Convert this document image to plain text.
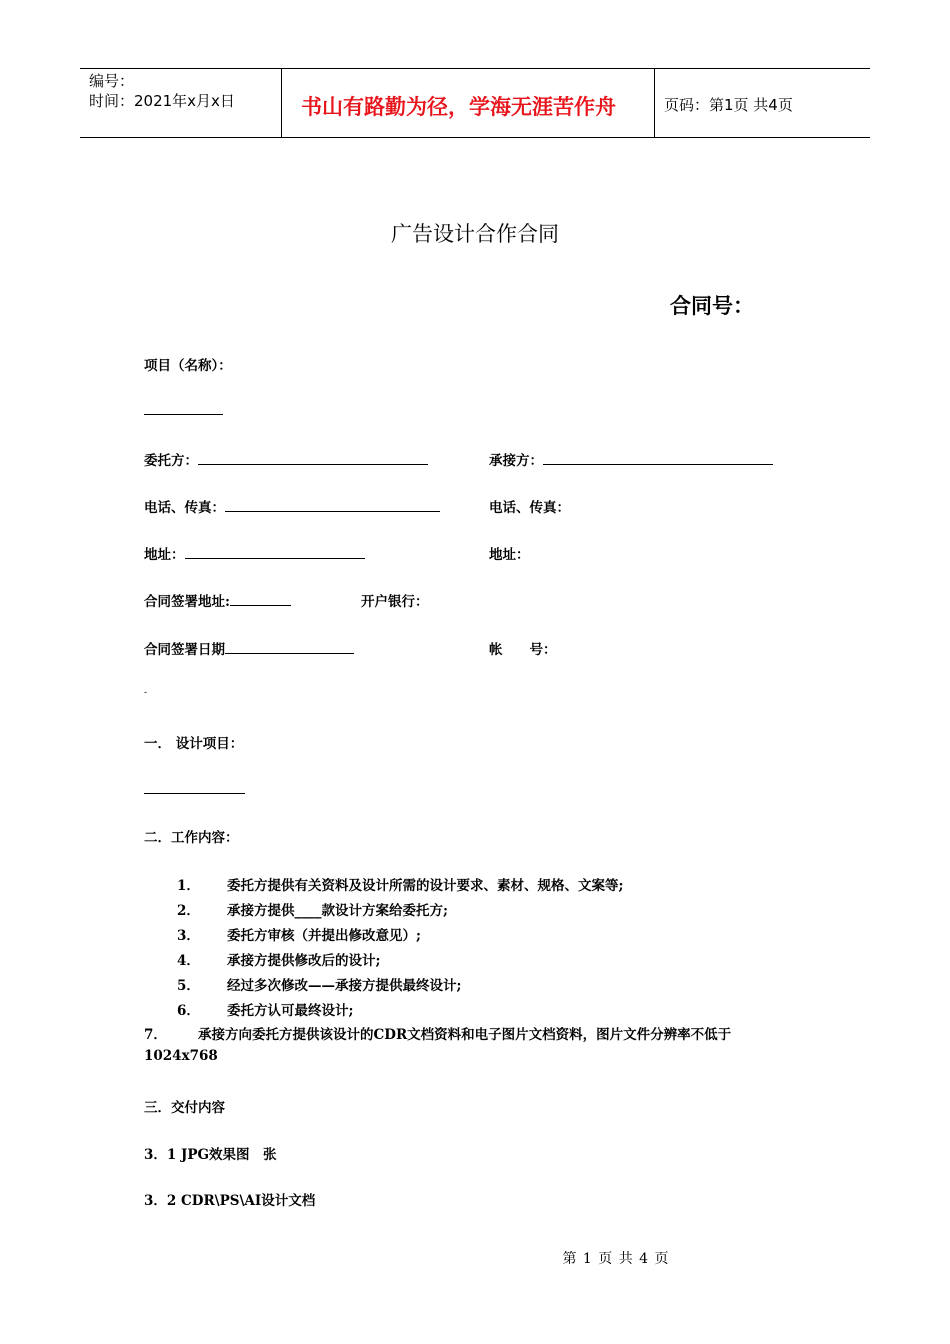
编号：
时间：2021年x月x日	书山有路勤为径，学海无涯苦作舟	页码：第1页 共4页
广告设计合作合同
合同号：
项目（名称）：
委托方：	承接方：
电话、传真：	电话、传真：
地址：	地址：
合同签署地址:	开户银行：
合同签署日期	帐　　号：
-
一． 设计项目：
二．工作内容：
1． 委托方提供有关资料及设计所需的设计要求、素材、规格、文案等;
2． 承接方提供____款设计方案给委托方;
3． 委托方审核（并提出修改意见）;
4． 承接方提供修改后的设计;
5． 经过多次修改——承接方提供最终设计;
6． 委托方认可最终设计;
7． 承接方向委托方提供该设计的CDR文档资料和电子图片文档资料，图片文件分辨率不低于
1024x768
三．交付内容
3．1 JPG效果图　张
3．2 CDR\PS\AI设计文档
第 1 页 共 4 页
